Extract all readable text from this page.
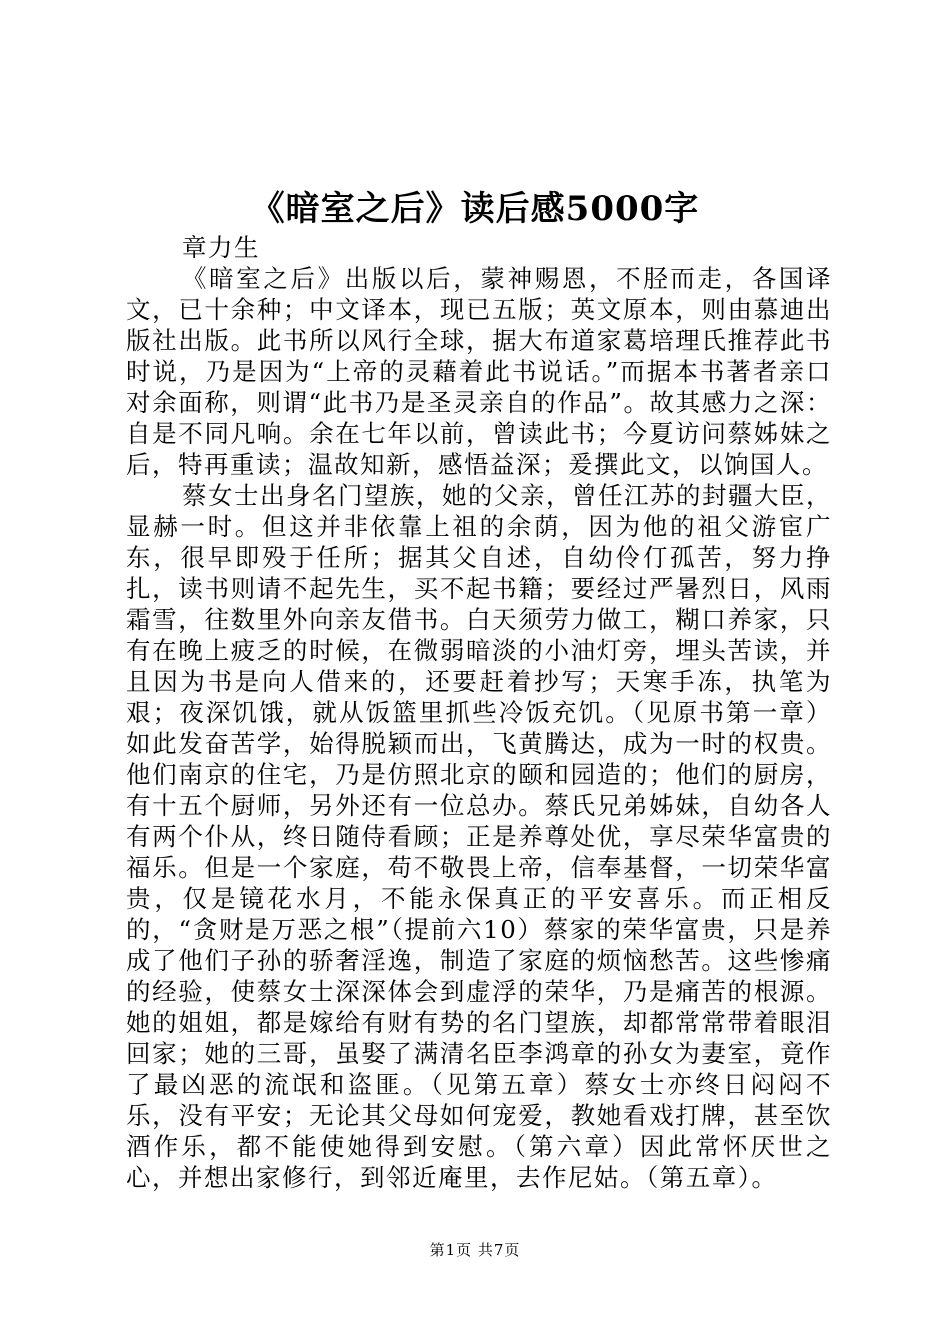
《暗室之后》读后感5000字

章力生

《暗室之后》出版以后，蒙神赐恩，不胫而走，各国译文，已十余种；中文译本，现已五版；英文原本，则由慕迪出版社出版。此书所以风行全球，据大布道家葛培理氏推荐此书时说，乃是因为“上帝的灵藉着此书说话。”而据本书著者亲口对余面称，则谓“此书乃是圣灵亲自的作品”。故其感力之深：自是不同凡响。余在七年以前，曾读此书；今夏访问蔡姊妹之后，特再重读；温故知新，感悟益深；爰撰此文，以饷国人。

蔡女士出身名门望族，她的父亲，曾任江苏的封疆大臣，显赫一时。但这并非依靠上祖的余荫，因为他的祖父游宦广东，很早即殁于任所；据其父自述，自幼伶仃孤苦，努力挣扎，读书则请不起先生，买不起书籍；要经过严暑烈日，风雨霜雪，往数里外向亲友借书。白天须劳力做工，糊口养家，只有在晚上疲乏的时候，在微弱暗淡的小油灯旁，埋头苦读，并且因为书是向人借来的，还要赶着抄写；天寒手冻，执笔为艰；夜深饥饿，就从饭篮里抓些冷饭充饥。（见原书第一章）如此发奋苦学，始得脱颖而出，飞黄腾达，成为一时的权贵。他们南京的住宅，乃是仿照北京的颐和园造的；他们的厨房，有十五个厨师，另外还有一位总办。蔡氏兄弟姊妹，自幼各人有两个仆从，终日随侍看顾；正是养尊处优，享尽荣华富贵的福乐。但是一个家庭，苟不敬畏上帝，信奉基督，一切荣华富贵，仅是镜花水月，不能永保真正的平安喜乐。而正相反的，“贪财是万恶之根”（提前六10）蔡家的荣华富贵，只是养成了他们子孙的骄奢淫逸，制造了家庭的烦恼愁苦。这些惨痛的经验，使蔡女士深深体会到虚浮的荣华，乃是痛苦的根源。她的姐姐，都是嫁给有财有势的名门望族，却都常常带着眼泪回家；她的三哥，虽娶了满清名臣李鸿章的孙女为妻室，竟作了最凶恶的流氓和盗匪。（见第五章）蔡女士亦终日闷闷不乐，没有平安；无论其父母如何宠爱，教她看戏打牌，甚至饮酒作乐，都不能使她得到安慰。（第六章）因此常怀厌世之心，并想出家修行，到邻近庵里，去作尼姑。（第五章）。

第1页 共7页
